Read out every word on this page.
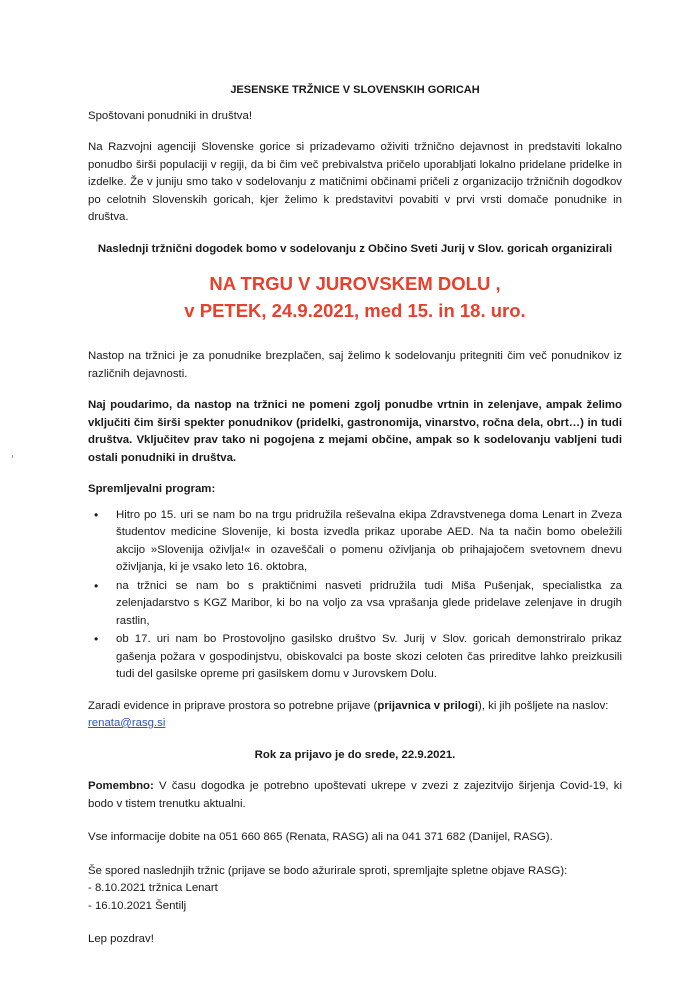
JESENSKE TRŽNICE V SLOVENSKIH GORICAH

Spoštovani ponudniki in društva!

Na Razvojni agenciji Slovenske gorice si prizadevamo oživiti tržnično dejavnost in predstaviti lokalno ponudbo širši populaciji v regiji, da bi čim več prebivalstva pričelo uporabljati lokalno pridelane pridelke in izdelke. Že v juniju smo tako v sodelovanju z matičnimi občinami pričeli z organizacijo tržničnih dogodkov po celotnih Slovenskih goricah, kjer želimo k predstavitvi povabiti v prvi vrsti domače ponudnike in društva.

Naslednji tržnični dogodek bomo v sodelovanju z Občino Sveti Jurij v Slov. goricah organizirali

NA TRGU V JUROVSKEM DOLU ,
v PETEK, 24.9.2021, med 15. in 18. uro.

Nastop na tržnici je za ponudnike brezplačen, saj želimo k sodelovanju pritegniti čim več ponudnikov iz različnih dejavnosti.

Naj poudarimo, da nastop na tržnici ne pomeni zgolj ponudbe vrtnin in zelenjave, ampak želimo vključiti čim širši spekter ponudnikov (pridelki, gastronomija, vinarstvo, ročna dela, obrt…) in tudi društva. Vključitev prav tako ni pogojena z mejami občine, ampak so k sodelovanju vabljeni tudi ostali ponudniki in društva.

Spremljevalni program:

• Hitro po 15. uri se nam bo na trgu pridružila reševalna ekipa Zdravstvenega doma Lenart in Zveza študentov medicine Slovenije, ki bosta izvedla prikaz uporabe AED. Na ta način bomo obeležili akcijo »Slovenija oživlja!« in ozaveščali o pomenu oživljanja ob prihajajočem svetovnem dnevu oživljanja, ki je vsako leto 16. oktobra,
• na tržnici se nam bo s praktičnimi nasveti pridružila tudi Miša Pušenjak, specialistka za zelenjadarstvo s KGZ Maribor, ki bo na voljo za vsa vprašanja glede pridelave zelenjave in drugih rastlin,
• ob 17. uri nam bo Prostovoljno gasilsko društvo Sv. Jurij v Slov. goricah demonstriralo prikaz gašenja požara v gospodinjstvu, obiskovalci pa boste skozi celoten čas prireditve lahko preizkusili tudi del gasilske opreme pri gasilskem domu v Jurovskem Dolu.

Zaradi evidence in priprave prostora so potrebne prijave (prijavnica v prilogi), ki jih pošljete na naslov:
renata@rasg.si

Rok za prijavo je do srede, 22.9.2021.

Pomembno: V času dogodka je potrebno upoštevati ukrepe v zvezi z zajezitvijo širjenja Covid-19, ki bodo v tistem trenutku aktualni.

Vse informacije dobite na 051 660 865 (Renata, RASG) ali na 041 371 682 (Danijel, RASG).

Še spored naslednjih tržnic (prijave se bodo ažurirale sproti, spremljajte spletne objave RASG):

- 8.10.2021 tržnica Lenart
- 16.10.2021 Šentilj

Lep pozdrav!
